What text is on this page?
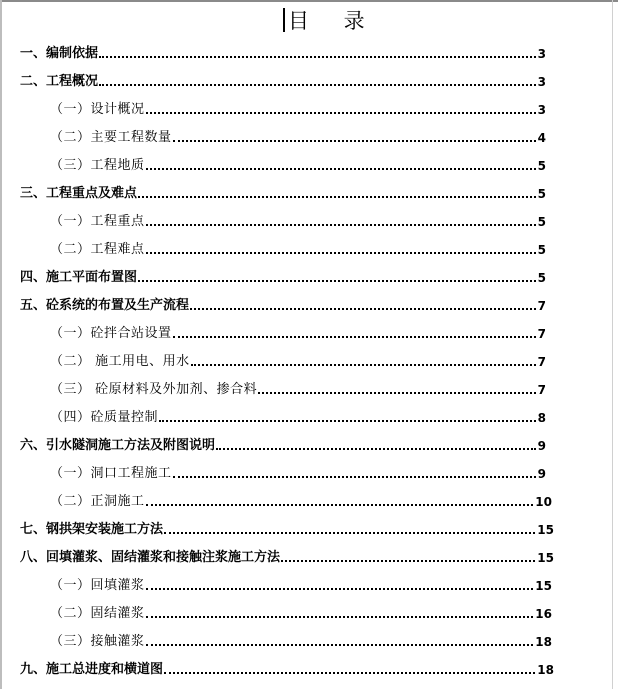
目 录
一、编制依据	3
二、工程概况	3
（一）设计概况	3
（二）主要工程数量	4
（三）工程地质	5
三、工程重点及难点	5
（一）工程重点	5
（二）工程难点	5
四、施工平面布置图	5
五、砼系统的布置及生产流程	7
（一）砼拌合站设置	7
（二） 施工用电、用水	7
（三） 砼原材料及外加剂、掺合料	7
（四）砼质量控制	8
六、引水隧洞施工方法及附图说明	9
（一）洞口工程施工	9
（二）正洞施工	10
七、钢拱架安装施工方法	15
八、回填灌浆、固结灌浆和接触注浆施工方法	15
（一）回填灌浆	15
（二）固结灌浆	16
（三）接触灌浆	18
九、施工总进度和横道图	18
